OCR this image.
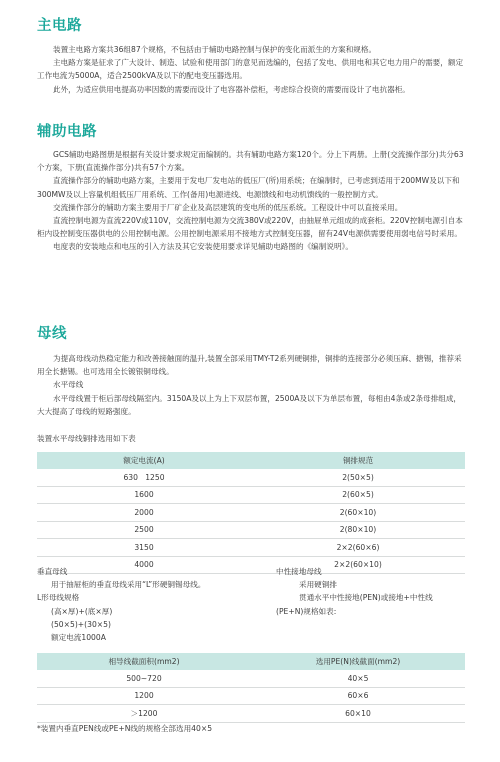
主电路

装置主电路方案共36组87个规格，不包括由于辅助电路控制与保护的变化而派生的方案和规格。

主电路方案是征求了广大设计、制造、试验和使用部门的意见而选编的，包括了发电、供用电和其它电力用户的需要，额定工作电流为5000A，适合2500kVA及以下的配电变压器选用。

此外，为适应供用电提高功率因数的需要而设计了电容器补偿柜，考虑综合投资的需要而设计了电抗器柜。

辅助电路

GCS辅助电路图册是根据有关设计要求规定而编制的。共有辅助电路方案120个。分上下两册。上册(交流操作部分)共分63个方案，下册(直流操作部分)共有57个方案。

直流操作部分的辅助电路方案，主要用于发电厂发电站的低压厂(所)用系统；在编制时，已考虑到适用于200MW及以下和300MW及以上容量机组低压厂用系统、工作(备用)电源进线、电源馈线和电动机馈线的一般控制方式。

交流操作部分的辅助方案主要用于厂矿企业及高层建筑的变电所的低压系统。工程设计中可以直接采用。

直流控制电源为直流220V或110V，交流控制电源为交流380V或220V，由抽屉单元组成的成套柜。220V控制电源引自本柜内设控制变压器供电的公用控制电源。公用控制电源采用不接地方式控制变压器，留有24V电源供需要使用弱电信号时采用。

电度表的安装地点和电压的引入方法及其它安装使用要求详见辅助电路图的《编制说明》。

母线

为提高母线动热稳定能力和改善接触面的温升,装置全部采用TMY-T2系列硬铜排，铜排的连接部分必须压麻、搪锡，推荐采用全长搪锡。也可选用全长镀银铜母线。

水平母线

水平母线置于柜后部母线隔室内。3150A及以上为上下双层布置，2500A及以下为单层布置，每相由4条或2条母排组成，大大提高了母线的短路强度。

装置水平母线铜排选用如下表
额定电流(A)	铜排规范
630   1250	2(50×5)
1600	2(60×5)
2000	2(60×10)
2500	2(80×10)
3150	2×2(60×6)
4000	2×2(60×10)
垂直母线
用于抽屉柜的垂直母线采用“L”形硬铜锡母线。
L形母线规格
(高×厚)+(底×厚)
(50×5)+(30×5)
额定电流1000A
中性接地母线
采用硬铜排
贯通水平中性接地(PEN)或接地+中性线
(PE+N)规格如表:
相导线截面积(mm2)	选用PE(N)线截面(mm2)
500~720	40×5
1200	60×6
＞1200	60×10
*装置内垂直PEN线或PE+N线的规格全部选用40×5
